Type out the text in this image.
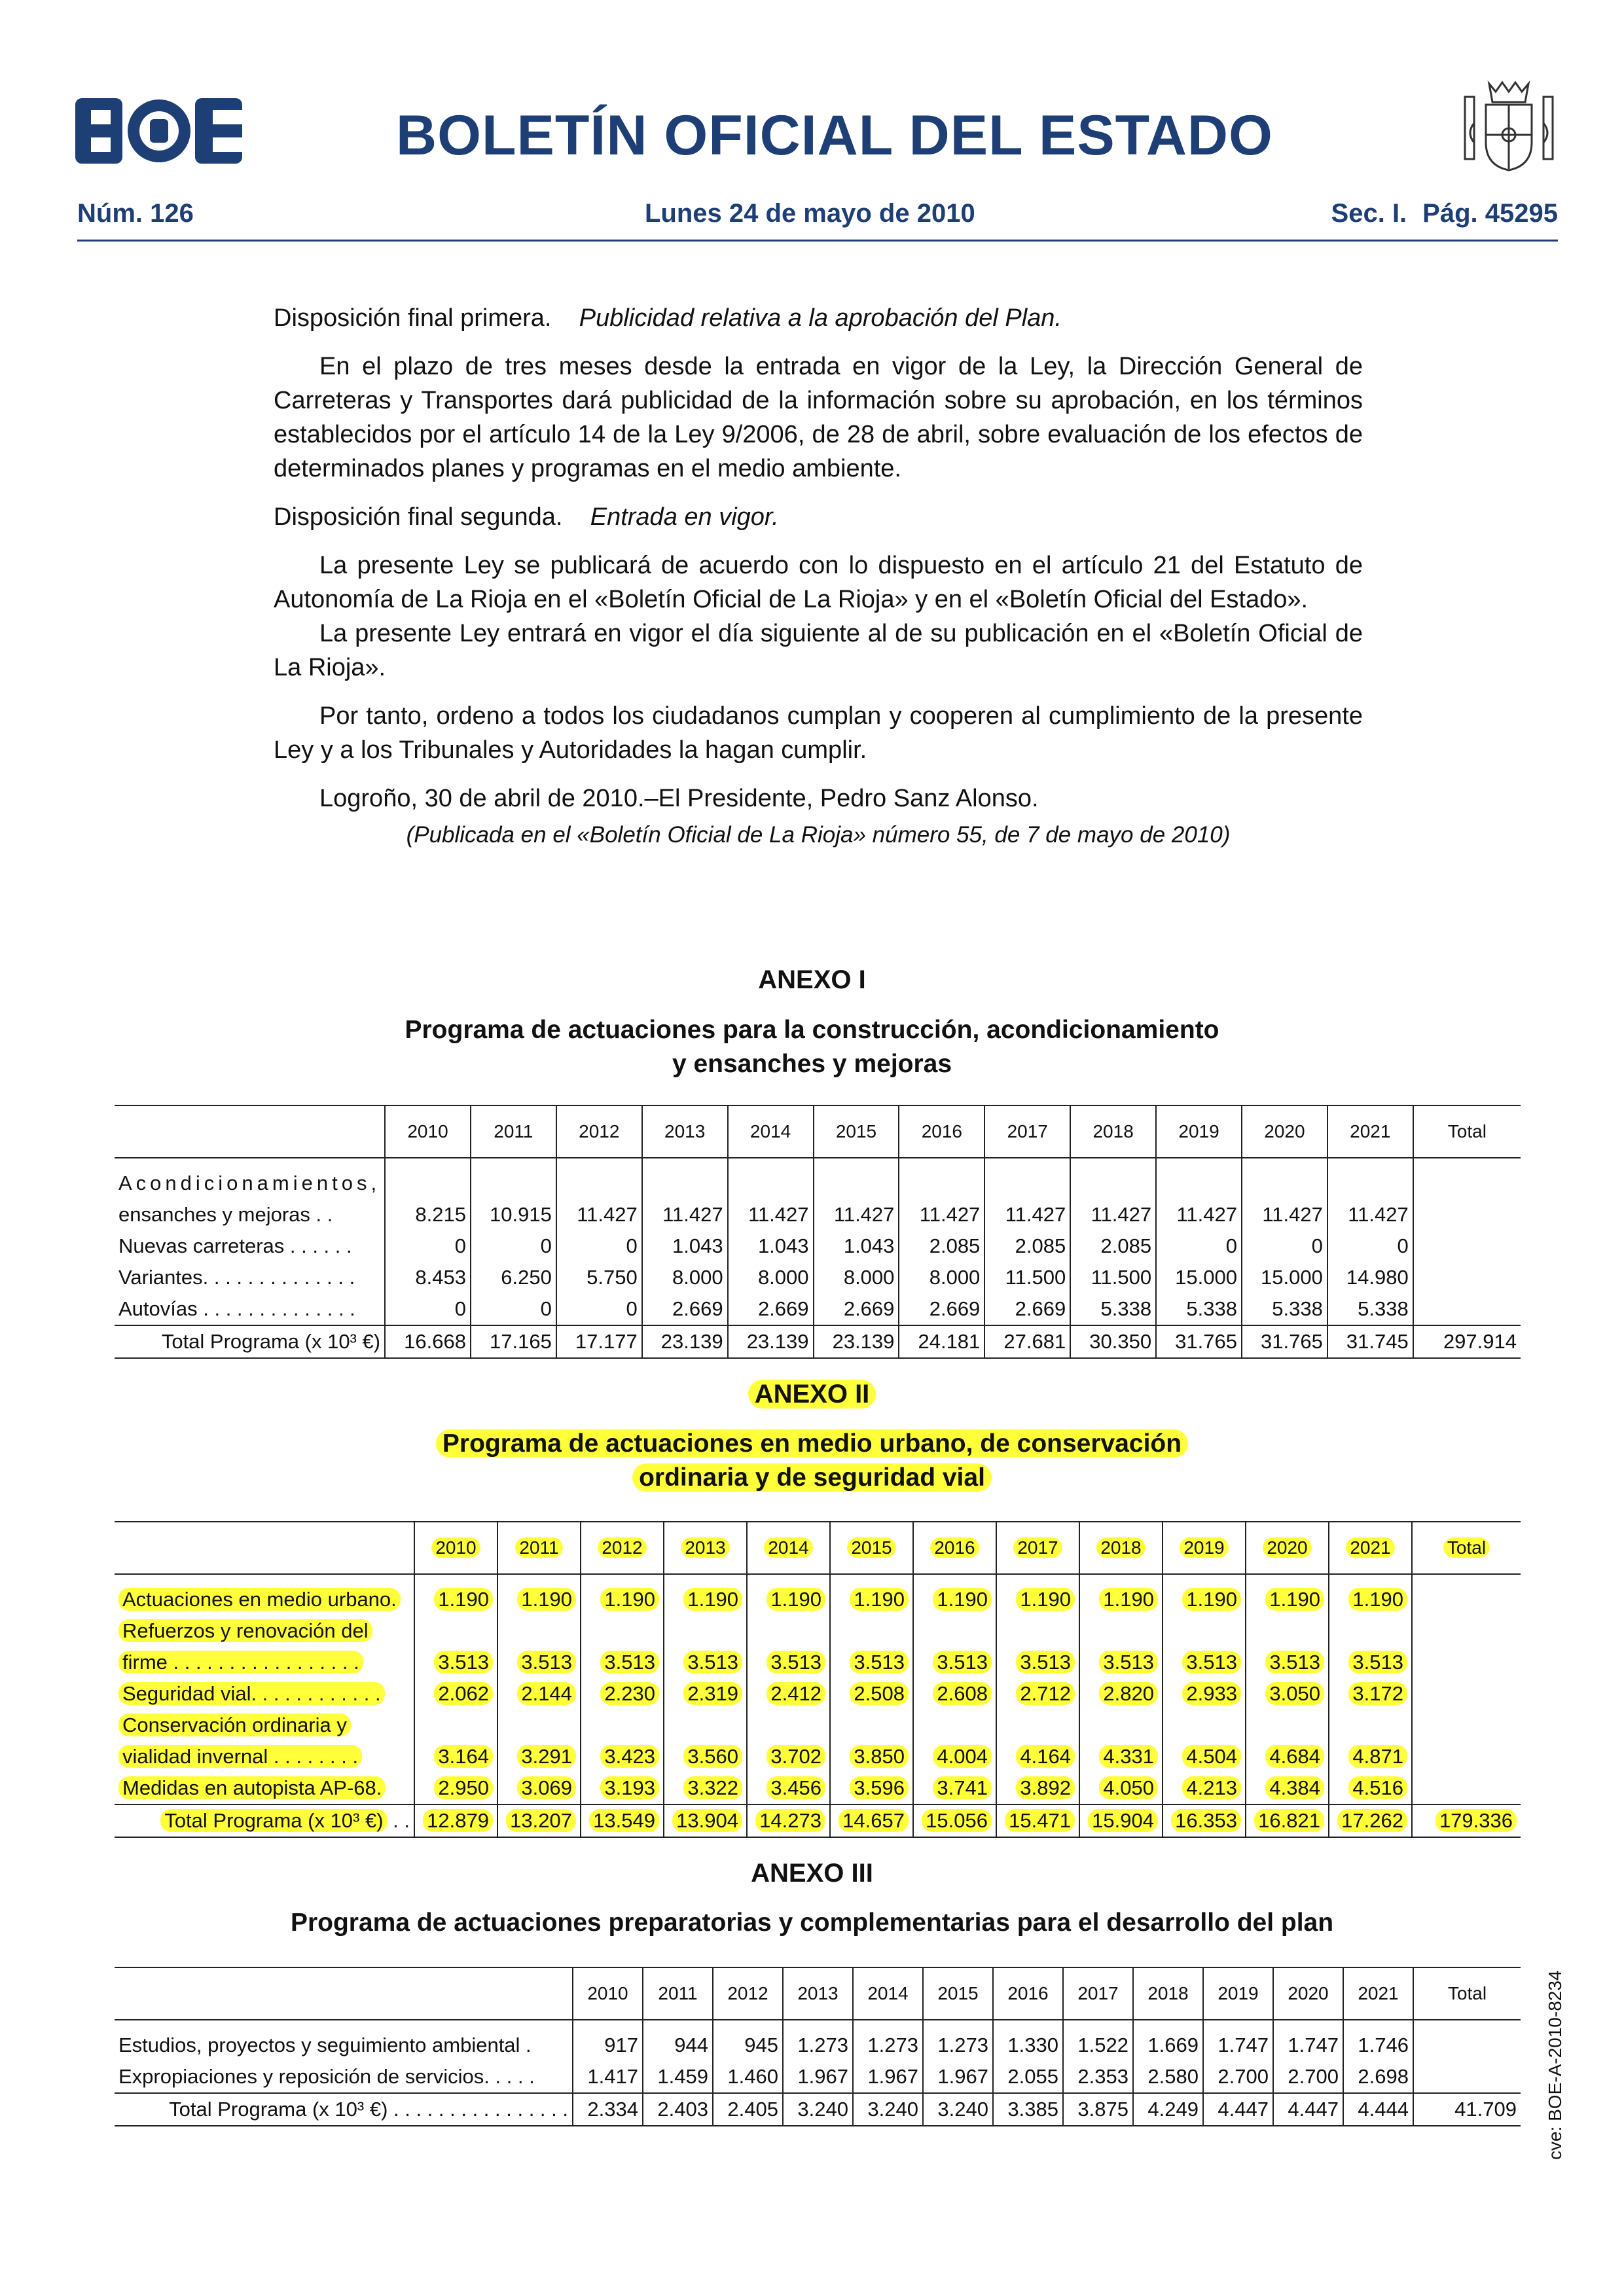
BOLETÍN OFICIAL DEL ESTADO
Núm. 126	Lunes 24 de mayo de 2010	Sec. I. Pág. 45295

Disposición final primera. Publicidad relativa a la aprobación del Plan.

En el plazo de tres meses desde la entrada en vigor de la Ley, la Dirección General de Carreteras y Transportes dará publicidad de la información sobre su aprobación, en los términos establecidos por el artículo 14 de la Ley 9/2006, de 28 de abril, sobre evaluación de los efectos de determinados planes y programas en el medio ambiente.

Disposición final segunda. Entrada en vigor.

La presente Ley se publicará de acuerdo con lo dispuesto en el artículo 21 del Estatuto de Autonomía de La Rioja en el «Boletín Oficial de La Rioja» y en el «Boletín Oficial del Estado».

La presente Ley entrará en vigor el día siguiente al de su publicación en el «Boletín Oficial de La Rioja».

Por tanto, ordeno a todos los ciudadanos cumplan y cooperen al cumplimiento de la presente Ley y a los Tribunales y Autoridades la hagan cumplir.

Logroño, 30 de abril de 2010.–El Presidente, Pedro Sanz Alonso.

(Publicada en el «Boletín Oficial de La Rioja» número 55, de 7 de mayo de 2010)

ANEXO I
Programa de actuaciones para la construcción, acondicionamiento
y ensanches y mejoras
	2010	2011	2012	2013	2014	2015	2016	2017	2018	2019	2020	2021	Total

Acondicionamientos,													
ensanches y mejoras . .	8.215	10.915	11.427	11.427	11.427	11.427	11.427	11.427	11.427	11.427	11.427	11.427	
Nuevas carreteras . . . . . .	0	0	0	1.043	1.043	1.043	2.085	2.085	2.085	0	0	0	
Variantes. . . . . . . . . . . . . .	8.453	6.250	5.750	8.000	8.000	8.000	8.000	11.500	11.500	15.000	15.000	14.980	
Autovías . . . . . . . . . . . . . .	0	0	0	2.669	2.669	2.669	2.669	2.669	5.338	5.338	5.338	5.338	
Total Programa (x 10³ €)	16.668	17.165	17.177	23.139	23.139	23.139	24.181	27.681	30.350	31.765	31.765	31.745	297.914
ANEXO II
Programa de actuaciones en medio urbano, de conservación
ordinaria y de seguridad vial
	2010	2011	2012	2013	2014	2015	2016	2017	2018	2019	2020	2021	Total

Actuaciones en medio urbano.	1.190	1.190	1.190	1.190	1.190	1.190	1.190	1.190	1.190	1.190	1.190	1.190	
Refuerzos y renovación del													
firme . . . . . . . . . . . . . . . . .	3.513	3.513	3.513	3.513	3.513	3.513	3.513	3.513	3.513	3.513	3.513	3.513	
Seguridad vial. . . . . . . . . . . .	2.062	2.144	2.230	2.319	2.412	2.508	2.608	2.712	2.820	2.933	3.050	3.172	
Conservación ordinaria y													
vialidad invernal . . . . . . . .	3.164	3.291	3.423	3.560	3.702	3.850	4.004	4.164	4.331	4.504	4.684	4.871	
Medidas en autopista AP-68.	2.950	3.069	3.193	3.322	3.456	3.596	3.741	3.892	4.050	4.213	4.384	4.516	
Total Programa (x 10³ €) . .	12.879	13.207	13.549	13.904	14.273	14.657	15.056	15.471	15.904	16.353	16.821	17.262	179.336
ANEXO III
Programa de actuaciones preparatorias y complementarias para el desarrollo del plan
	2010	2011	2012	2013	2014	2015	2016	2017	2018	2019	2020	2021	Total

Estudios, proyectos y seguimiento ambiental .	917	944	945	1.273	1.273	1.273	1.330	1.522	1.669	1.747	1.747	1.746	
Expropiaciones y reposición de servicios. . . . .	1.417	1.459	1.460	1.967	1.967	1.967	2.055	2.353	2.580	2.700	2.700	2.698	
Total Programa (x 10³ €) . . . . . . . . . . . . . . . .	2.334	2.403	2.405	3.240	3.240	3.240	3.385	3.875	4.249	4.447	4.447	4.444	41.709 cve: BOE-A-2010-8234
